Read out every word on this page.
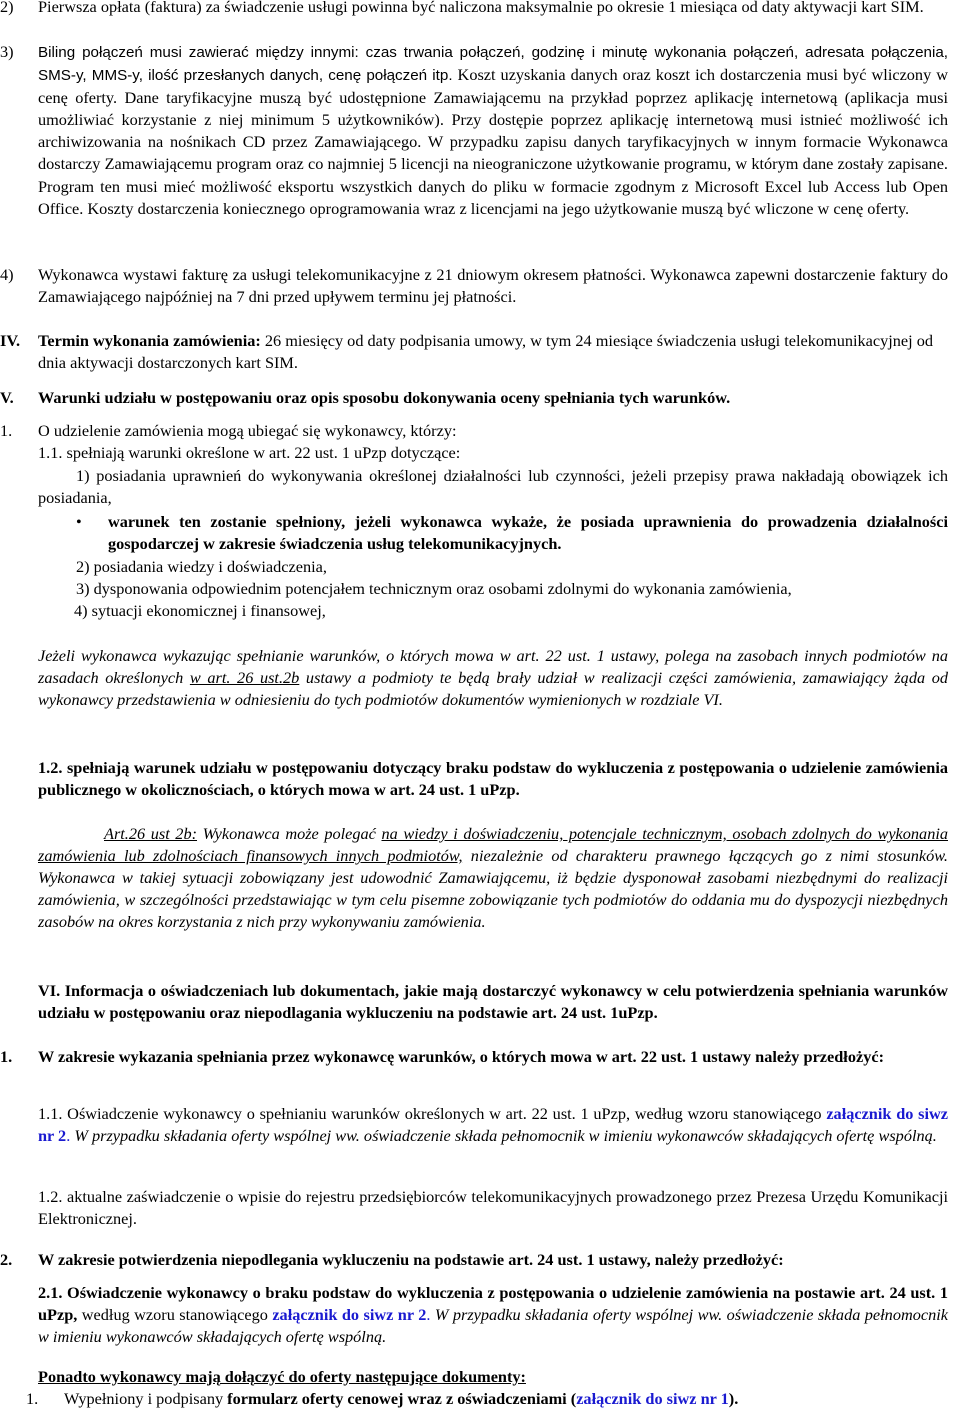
2)	Pierwsza opłata (faktura) za świadczenie usługi powinna być naliczona maksymalnie po okresie 1 miesiąca od daty aktywacji kart SIM.
3)	Biling połączeń musi zawierać między innymi: czas trwania połączeń, godzinę i minutę wykonania połączeń, adresata połączenia, SMS-y, MMS-y, ilość przesłanych danych, cenę połączeń itp. Koszt uzyskania danych oraz koszt ich dostarczenia musi być wliczony w cenę oferty. Dane taryfikacyjne muszą być udostępnione Zamawiającemu na przykład poprzez aplikację internetową (aplikacja musi umożliwiać korzystanie z niej minimum 5 użytkowników). Przy dostępie poprzez aplikację internetową musi istnieć możliwość ich archiwizowania na nośnikach CD przez Zamawiającego. W przypadku zapisu danych taryfikacyjnych w innym formacie Wykonawca dostarczy Zamawiającemu program oraz co najmniej 5 licencji na nieograniczone użytkowanie programu, w którym dane zostały zapisane. Program ten musi mieć możliwość eksportu wszystkich danych do pliku w formacie zgodnym z Microsoft Excel lub Access lub Open Office. Koszty dostarczenia koniecznego oprogramowania wraz z licencjami na jego użytkowanie muszą być wliczone w cenę oferty.
4)	Wykonawca wystawi fakturę za usługi telekomunikacyjne z 21 dniowym okresem płatności. Wykonawca zapewni dostarczenie faktury do Zamawiającego najpóźniej na 7 dni przed upływem terminu jej płatności.
IV.	Termin wykonania zamówienia: 26 miesięcy od daty podpisania umowy, w tym 24 miesiące świadczenia usługi telekomunikacyjnej od dnia aktywacji dostarczonych kart SIM.
V.	Warunki udziału w postępowaniu oraz opis sposobu dokonywania oceny spełniania tych warunków.
1.	O udzielenie zamówienia mogą ubiegać się wykonawcy, którzy:
1.1. spełniają warunki określone w art. 22 ust. 1 uPzp dotyczące:
1) posiadania uprawnień do wykonywania określonej działalności lub czynności, jeżeli przepisy prawa nakładają obowiązek ich posiadania,
•	warunek ten zostanie spełniony, jeżeli wykonawca wykaże, że posiada uprawnienia do prowadzenia działalności gospodarczej w zakresie świadczenia usług telekomunikacyjnych.
2) posiadania wiedzy i doświadczenia,
3) dysponowania odpowiednim potencjałem technicznym oraz osobami zdolnymi do wykonania zamówienia,
4) sytuacji ekonomicznej i finansowej,
Jeżeli wykonawca wykazując spełnianie warunków, o których mowa w art. 22 ust. 1 ustawy, polega na zasobach innych podmiotów na zasadach określonych w art. 26 ust.2b ustawy a podmioty te będą brały udział w realizacji części zamówienia, zamawiający żąda od wykonawcy przedstawienia w odniesieniu do tych podmiotów dokumentów wymienionych w rozdziale VI.
1.2. spełniają warunek udziału w postępowaniu dotyczący braku podstaw do wykluczenia z postępowania o udzielenie zamówienia publicznego w okolicznościach, o których mowa w art. 24 ust. 1 uPzp.
Art.26 ust 2b: Wykonawca może polegać na wiedzy i doświadczeniu, potencjale technicznym, osobach zdolnych do wykonania zamówienia lub zdolnościach finansowych innych podmiotów, niezależnie od charakteru prawnego łączących go z nimi stosunków. Wykonawca w takiej sytuacji zobowiązany jest udowodnić Zamawiającemu, iż będzie dysponował zasobami niezbędnymi do realizacji zamówienia, w szczególności przedstawiając w tym celu pisemne zobowiązanie tych podmiotów do oddania mu do dyspozycji niezbędnych zasobów na okres korzystania z nich przy wykonywaniu zamówienia.
VI. Informacja o oświadczeniach lub dokumentach, jakie mają dostarczyć wykonawcy w celu potwierdzenia spełniania warunków udziału w postępowaniu oraz niepodlagania wykluczeniu na podstawie art. 24 ust. 1uPzp.
1.	W zakresie wykazania spełniania przez wykonawcę warunków, o których mowa w art. 22 ust. 1 ustawy należy przedłożyć:
1.1. Oświadczenie wykonawcy o spełnianiu warunków określonych w art. 22 ust. 1 uPzp, według wzoru stanowiącego załącznik do siwz nr 2. W przypadku składania oferty wspólnej ww. oświadczenie składa pełnomocnik w imieniu wykonawców składających ofertę wspólną.
1.2. aktualne zaświadczenie o wpisie do rejestru przedsiębiorców telekomunikacyjnych prowadzonego przez Prezesa Urzędu Komunikacji Elektronicznej.
2.	W zakresie potwierdzenia niepodlegania wykluczeniu na podstawie art. 24 ust. 1 ustawy, należy przedłożyć:
2.1. Oświadczenie wykonawcy o braku podstaw do wykluczenia z postępowania o udzielenie zamówienia na postawie art. 24 ust. 1 uPzp, według wzoru stanowiącego załącznik do siwz nr 2. W przypadku składania oferty wspólnej ww. oświadczenie składa pełnomocnik w imieniu wykonawców składających ofertę wspólną.
Ponadto wykonawcy mają dołączyć do oferty następujące dokumenty:
1.	Wypełniony i podpisany formularz oferty cenowej wraz z oświadczeniami (załącznik do siwz nr 1).
